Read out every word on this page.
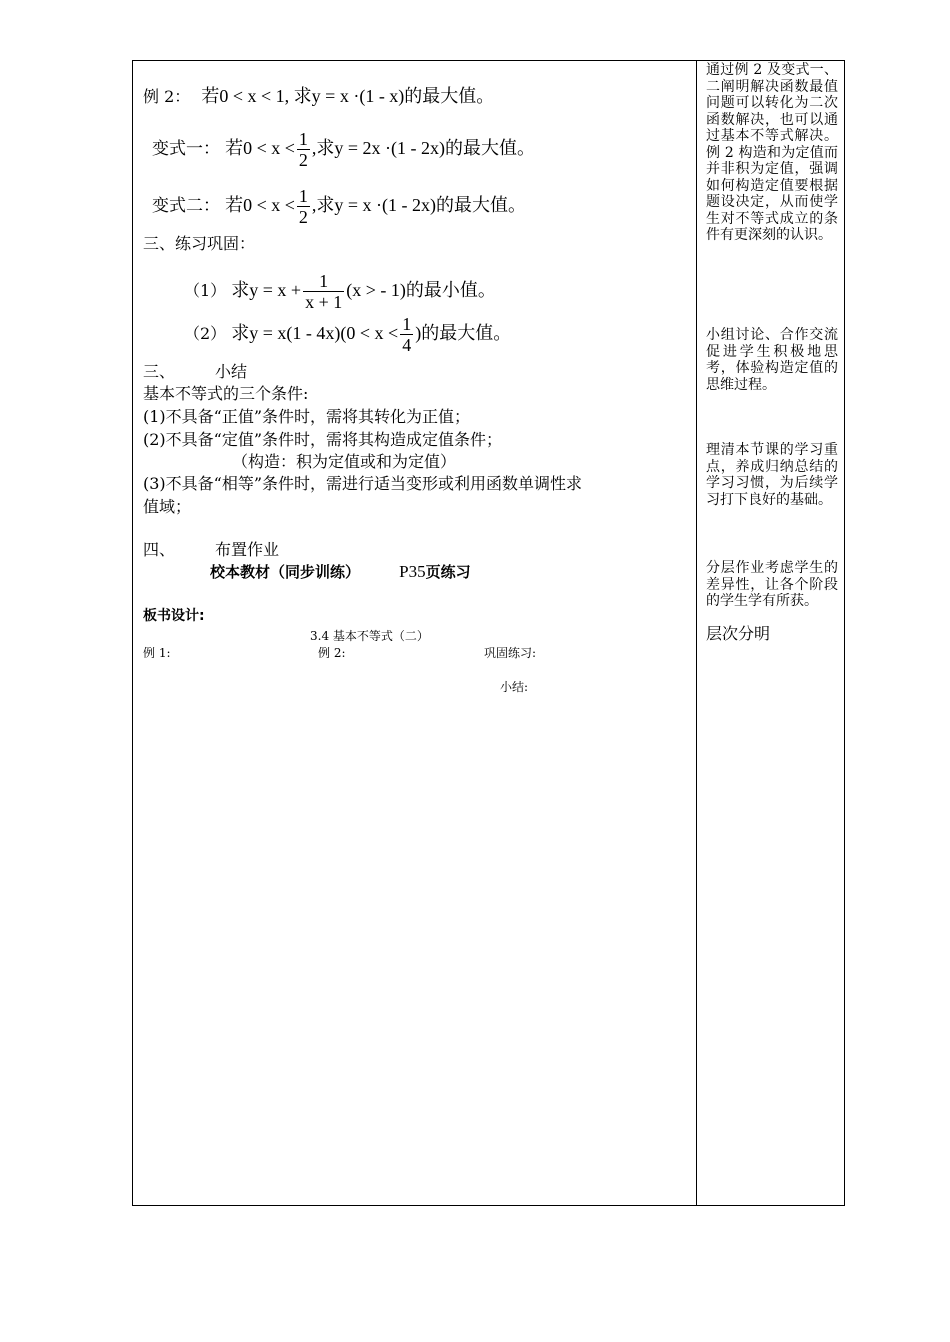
例 2： 若0 < x < 1, 求y = x ·(1 - x)的最大值。
变式一： 若$0 < x < \frac{1}{2}$ ,求y = 2x ·(1 - 2x)的最大值。
变式二： 若$0 < x < \frac{1}{2}$ ,求y = x ·(1 - 2x)的最大值。
三、练习巩固：
（1） 求$y = x + \frac{1}{x + 1} (x$ > - 1)的最小值。
（2） 求$y = x(1 - 4x)(0 < x < \frac{1}{4}$ )的最大值。
三、	小结
基本不等式的三个条件:
(1)不具备“正值”条件时，需将其转化为正值；
(2)不具备“定值”条件时，需将其构造成定值条件；
（构造：积为定值或和为定值）
(3)不具备“相等”条件时，需进行适当变形或利用函数单调性求
值域；
四、	布置作业
校本教材（同步训练） P35页练习
板书设计:
3.4 基本不等式（二）
例 1:	例 2:	巩固练习:
小结:
通过例 2 及变式一、二阐明解决函数最值问题可以转化为二次函数解决，也可以通过基本不等式解决。例 2 构造和为定值而并非积为定值，强调如何构造定值要根据题设决定，从而使学生对不等式成立的条件有更深刻的认识。
小组讨论、合作交流促进学生积极地思考，体验构造定值的思维过程。
理清本节课的学习重点，养成归纳总结的学习习惯，为后续学习打下良好的基础。
分层作业考虑学生的差异性，让各个阶段的学生学有所获。
层次分明
